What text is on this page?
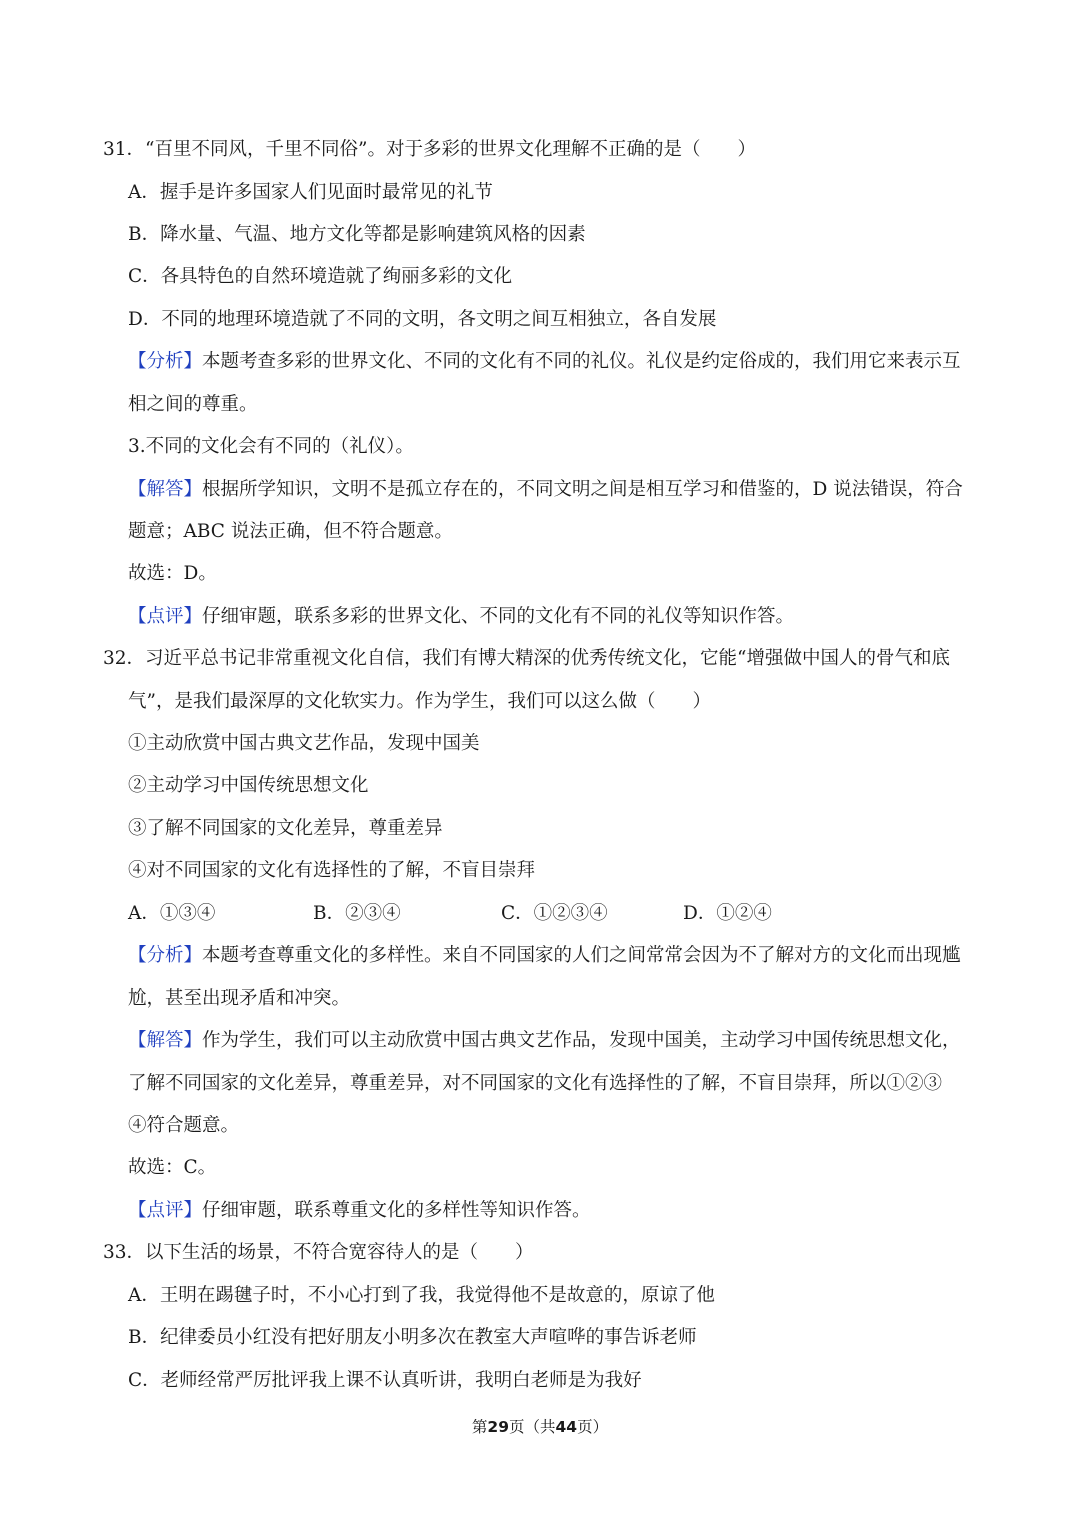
31．“百里不同风，千里不同俗”。对于多彩的世界文化理解不正确的是（　　）
A．握手是许多国家人们见面时最常见的礼节
B．降水量、气温、地方文化等都是影响建筑风格的因素
C．各具特色的自然环境造就了绚丽多彩的文化
D．不同的地理环境造就了不同的文明，各文明之间互相独立，各自发展
【分析】本题考查多彩的世界文化、不同的文化有不同的礼仪。礼仪是约定俗成的，我们用它来表示互
相之间的尊重。
3.不同的文化会有不同的（礼仪）。
【解答】根据所学知识，文明不是孤立存在的，不同文明之间是相互学习和借鉴的，D 说法错误，符合
题意；ABC 说法正确，但不符合题意。
故选：D。
【点评】仔细审题，联系多彩的世界文化、不同的文化有不同的礼仪等知识作答。
32．习近平总书记非常重视文化自信，我们有博大精深的优秀传统文化，它能“增强做中国人的骨气和底
气”，是我们最深厚的文化软实力。作为学生，我们可以这么做（　　）
①主动欣赏中国古典文艺作品，发现中国美
②主动学习中国传统思想文化
③了解不同国家的文化差异，尊重差异
④对不同国家的文化有选择性的了解，不盲目崇拜
A．①③④	B．②③④	C．①②③④	D．①②④
【分析】本题考查尊重文化的多样性。来自不同国家的人们之间常常会因为不了解对方的文化而出现尴
尬，甚至出现矛盾和冲突。
【解答】作为学生，我们可以主动欣赏中国古典文艺作品，发现中国美，主动学习中国传统思想文化，
了解不同国家的文化差异，尊重差异，对不同国家的文化有选择性的了解，不盲目崇拜，所以①②③
④符合题意。
故选：C。
【点评】仔细审题，联系尊重文化的多样性等知识作答。
33．以下生活的场景，不符合宽容待人的是（　　）
A．王明在踢毽子时，不小心打到了我，我觉得他不是故意的，原谅了他
B．纪律委员小红没有把好朋友小明多次在教室大声喧哗的事告诉老师
C．老师经常严厉批评我上课不认真听讲，我明白老师是为我好
第29页（共44页）
